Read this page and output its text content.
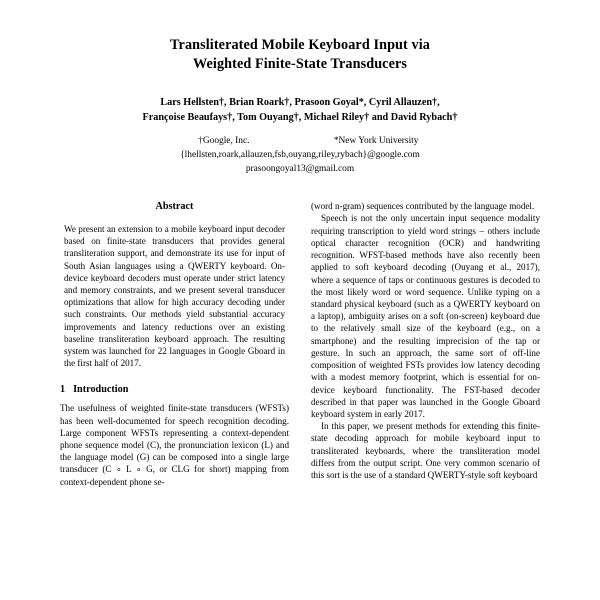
Transliterated Mobile Keyboard Input via
Weighted Finite-State Transducers
Lars Hellsten†, Brian Roark†, Prasoon Goyal*, Cyril Allauzen†,
Françoise Beaufays†, Tom Ouyang†, Michael Riley† and David Rybach†
†Google, Inc.	*New York University
{lhellsten,roark,allauzen,fsb,ouyang,riley,rybach}@google.com
prasoongoyal13@gmail.com
Abstract

We present an extension to a mobile keyboard input decoder based on finite-state transducers that provides general transliteration support, and demonstrate its use for input of South Asian languages using a QWERTY keyboard. On-device keyboard decoders must operate under strict latency and memory constraints, and we present several transducer optimizations that allow for high accuracy decoding under such constraints. Our methods yield substantial accuracy improvements and latency reductions over an existing baseline transliteration keyboard approach. The resulting system was launched for 22 languages in Google Gboard in the first half of 2017.

1 Introduction

The usefulness of weighted finite-state transducers (WFSTs) has been well-documented for speech recognition decoding. Large component WFSTs representing a context-dependent phone sequence model (C), the pronunciation lexicon (L) and the language model (G) can be composed into a single large transducer (C ∘ L ∘ G, or CLG for short) mapping from context-dependent phone se-

(word n-gram) sequences contributed by the language model.

Speech is not the only uncertain input sequence modality requiring transcription to yield word strings – others include optical character recognition (OCR) and handwriting recognition. WFST-based methods have also recently been applied to soft keyboard decoding (Ouyang et al., 2017), where a sequence of taps or continuous gestures is decoded to the most likely word or word sequence. Unlike typing on a standard physical keyboard (such as a QWERTY keyboard on a laptop), ambiguity arises on a soft (on-screen) keyboard due to the relatively small size of the keyboard (e.g., on a smartphone) and the resulting imprecision of the tap or gesture. In such an approach, the same sort of off-line composition of weighted FSTs provides low latency decoding with a modest memory footprint, which is essential for on-device keyboard functionality. The FST-based decoder described in that paper was launched in the Google Gboard keyboard system in early 2017.

In this paper, we present methods for extending this finite-state decoding approach for mobile keyboard input to transliterated keyboards, where the transliteration model differs from the output script. One very common scenario of this sort is the use of a standard QWERTY-style soft keyboard
